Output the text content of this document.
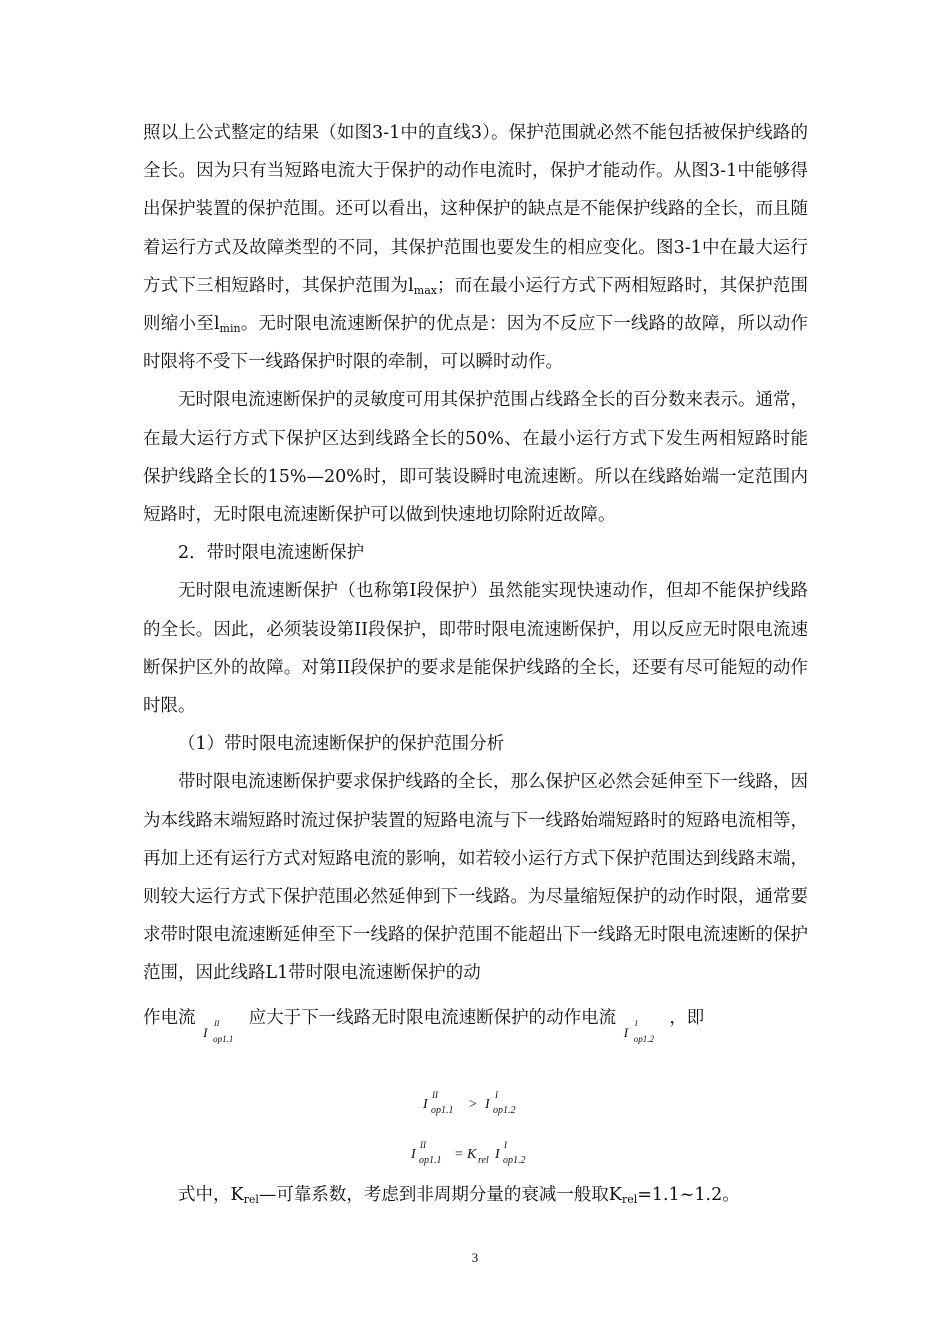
照以上公式整定的结果（如图3-1中的直线3）。保护范围就必然不能包括被保护线路的全长。因为只有当短路电流大于保护的动作电流时，保护才能动作。从图3-1中能够得出保护装置的保护范围。还可以看出，这种保护的缺点是不能保护线路的全长，而且随着运行方式及故障类型的不同，其保护范围也要发生的相应变化。图3-1中在最大运行方式下三相短路时，其保护范围为$l_{max}$；而在最小运行方式下两相短路时，其保护范围则缩小至$l_{min}$。无时限电流速断保护的优点是：因为不反应下一线路的故障，所以动作时限将不受下一线路保护时限的牵制，可以瞬时动作。

无时限电流速断保护的灵敏度可用其保护范围占线路全长的百分数来表示。通常，在最大运行方式下保护区达到线路全长的50%、在最小运行方式下发生两相短路时能保护线路全长的15%—20%时，即可装设瞬时电流速断。所以在线路始端一定范围内短路时，无时限电流速断保护可以做到快速地切除附近故障。

2．带时限电流速断保护

无时限电流速断保护（也称第I段保护）虽然能实现快速动作，但却不能保护线路的全长。因此，必须装设第II段保护，即带时限电流速断保护，用以反应无时限电流速断保护区外的故障。对第II段保护的要求是能保护线路的全长，还要有尽可能短的动作时限。

（1）带时限电流速断保护的保护范围分析

带时限电流速断保护要求保护线路的全长，那么保护区必然会延伸至下一线路，因为本线路末端短路时流过保护装置的短路电流与下一线路始端短路时的短路电流相等，再加上还有运行方式对短路电流的影响，如若较小运行方式下保护范围达到线路末端，则较大运行方式下保护范围必然延伸到下一线路。为尽量缩短保护的动作时限，通常要求带时限电流速断延伸至下一线路的保护范围不能超出下一线路无时限电流速断的保护范围，因此线路L1带时限电流速断保护的动

作电流
I
II
op1.1
应大于下一线路无时限电流速断保护的动作电流
I
I
op1.2
，即

I
II
op1.1 > I
I
op1.2
I
II
op1.1 = K rel I
I
op1.2

式中，$K_{rel}—$可靠系数，考虑到非周期分量的衰减一般取$K_{rel}=1.1\sim 1.2$。

3
